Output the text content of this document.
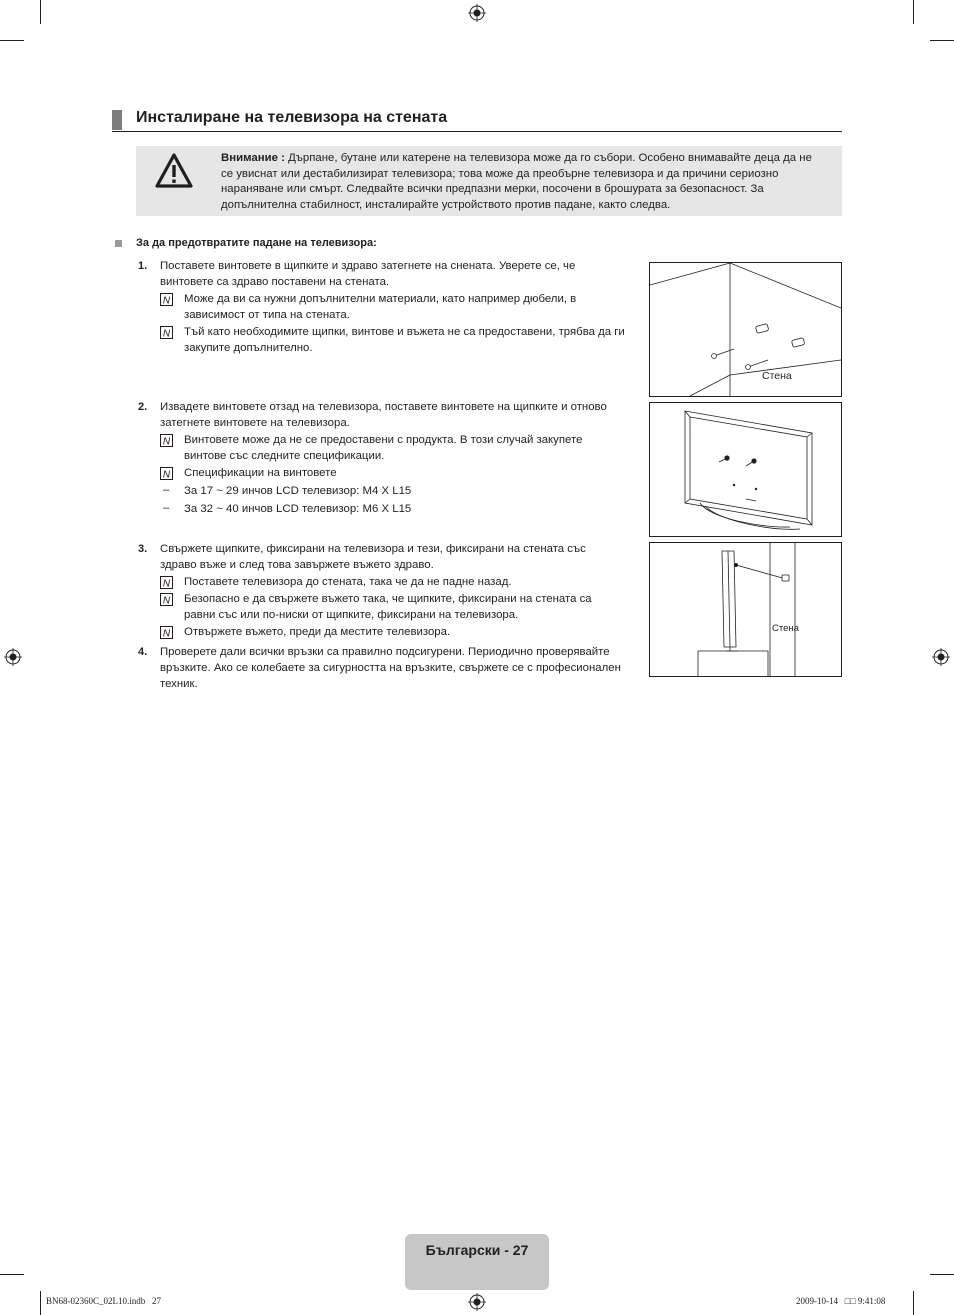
Инсталиране на телевизора на стената

Внимание : Дърпане, бутане или катерене на телевизора може да го събори. Особено внимавайте деца да не се увиснат или дестабилизират телевизора; това може да преобърне телевизора и да причини сериозно нараняване или смърт. Следвайте всички предпазни мерки, посочени в брошурата за безопасност. За допълнителна стабилност, инсталирайте устройството против падане, както следва.

За да предотвратите падане на телевизора:
1. Поставете винтовете в щипките и здраво затегнете на снената. Уверете се, че винтовете са здраво поставени на стената.

N Може да ви са нужни допълнителни материали, като например дюбели, в зависимост от типа на стената.

N Тъй като необходимите щипки, винтове и въжета не са предоставени, трябва да ги закупите допълнително.

2. Извадете винтовете отзад на телевизора, поставете винтовете на щипките и отново затегнете винтовете на телевизора.

N Винтовете може да не се предоставени с продукта. В този случай закупете винтове със следните спецификации.

N Спецификации на винтовете

– За 17 ~ 29 инчов LCD телевизор: M4 X L15

– За 32 ~ 40 инчов LCD телевизор: M6 X L15

3. Свържете щипките, фиксирани на телевизора и тези, фиксирани на стената със здраво въже и след това завържете въжето здраво.

N Поставете телевизора до стената, така че да не падне назад.

N Безопасно е да свържете въжето така, че щипките, фиксирани на стената са равни със или по-ниски от щипките, фиксирани на телевизора.

N Отвържете въжето, преди да местите телевизора.

4. Проверете дали всички връзки са правилно подсигурени. Периодично проверявайте връзките. Ако се колебаете за сигурността на връзките, свържете се с професионален техник.

Стена
Стена
Български - 27
BN68-02360C_02L10.indb   27	2009-10-14   □□ 9:41:08
